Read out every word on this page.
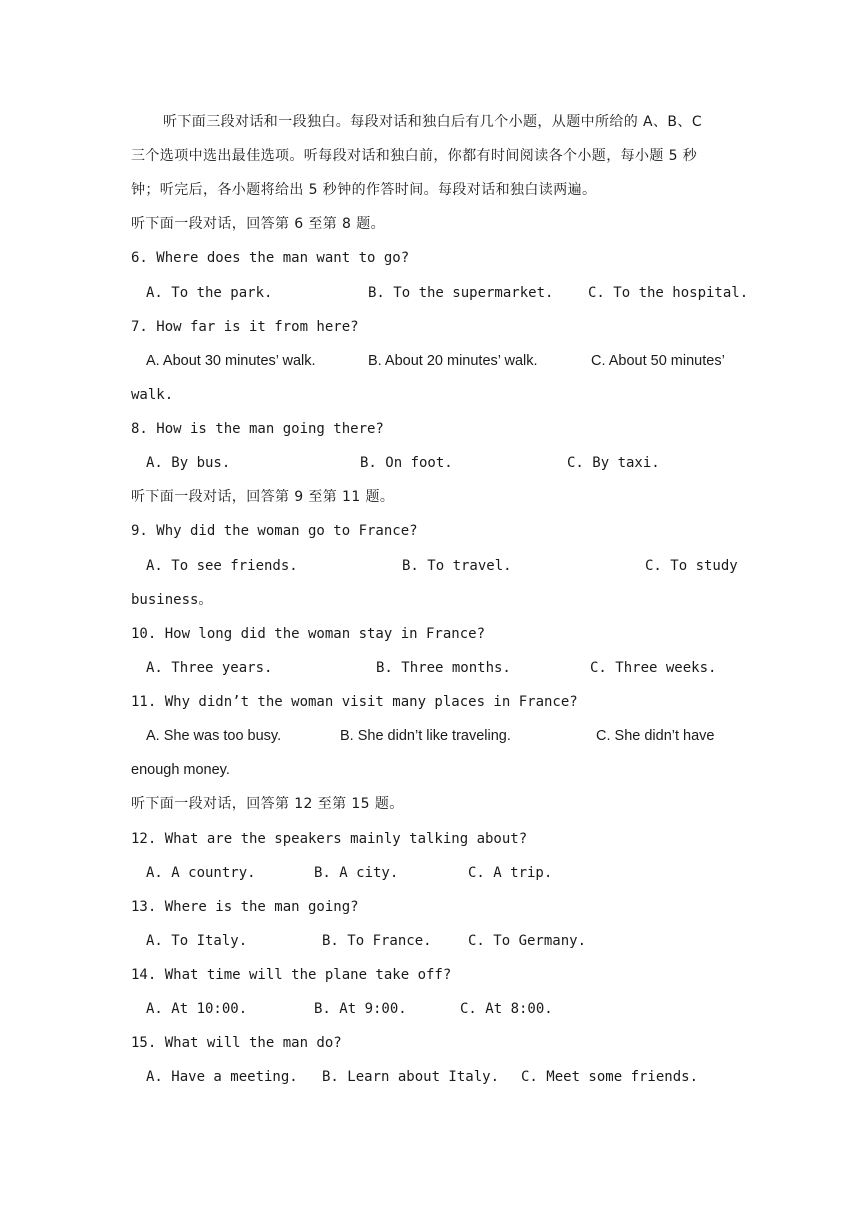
听下面三段对话和一段独白。每段对话和独白后有几个小题，从题中所给的 A、B、C
三个选项中选出最佳选项。听每段对话和独白前，你都有时间阅读各个小题，每小题 5 秒
钟；听完后，各小题将给出 5 秒钟的作答时间。每段对话和独白读两遍。
听下面一段对话，回答第 6 至第 8 题。
6. Where does the man want to go?
A. To the park.	B. To the supermarket. C. To the hospital.
7. How far is it from here?
A. About 30 minutes’ walk.	B. About 20 minutes’ walk.	C. About 50 minutes’
walk.
8. How is the man going there?
A. By bus.	B. On foot.	C. By taxi.
听下面一段对话，回答第 9 至第 11 题。
9. Why did the woman go to France?
A. To see friends.	B. To travel.	C. To study
business。
10. How long did the woman stay in France?
A. Three years.	B. Three months.	C. Three weeks.
11. Why didn’t the woman visit many places in France?
A. She was too busy.	B. She didn’t like traveling.	C. She didn’t have
enough money.
听下面一段对话，回答第 12 至第 15 题。
12. What are the speakers mainly talking about?
A. A country.	B. A city.	C. A trip.
13. Where is the man going?
A. To Italy.	B. To France.	C. To Germany.
14. What time will the plane take off?
A. At 10:00.	B. At 9:00.	C. At 8:00.
15. What will the man do?
A. Have a meeting. B. Learn about Italy. C. Meet some friends.
